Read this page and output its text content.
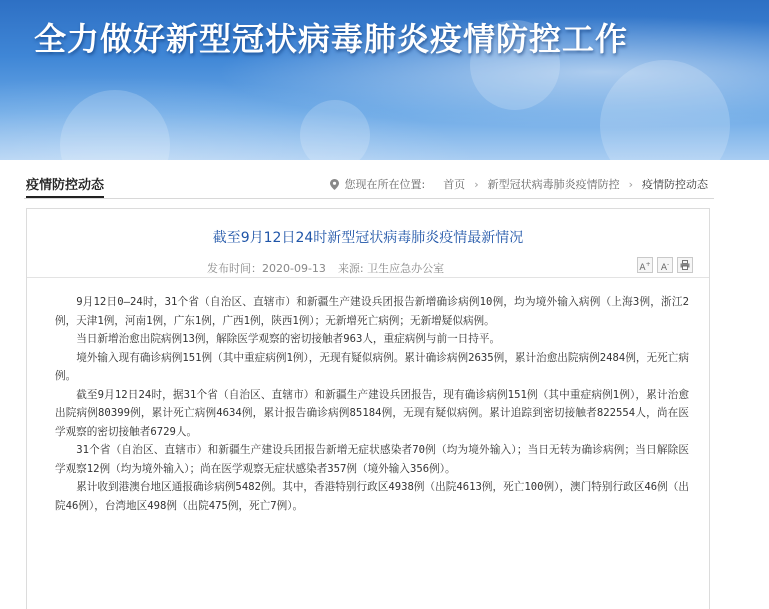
全力做好新型冠状病毒肺炎疫情防控工作
疫情防控动态	您现在所在位置: 首页 › 新型冠状病毒肺炎疫情防控 › 疫情防控动态
截至9月12日24时新型冠状病毒肺炎疫情最新情况
发布时间：2020-09-13 来源: 卫生应急办公室	A+	A-

9月12日0—24时，31个省（自治区、直辖市）和新疆生产建设兵团报告新增确诊病例10例，均为境外输入病例（上海3例，浙江2例，天津1例，河南1例，广东1例，广西1例，陕西1例）；无新增死亡病例；无新增疑似病例。

当日新增治愈出院病例13例，解除医学观察的密切接触者963人，重症病例与前一日持平。

境外输入现有确诊病例151例（其中重症病例1例），无现有疑似病例。累计确诊病例2635例，累计治愈出院病例2484例，无死亡病例。

截至9月12日24时，据31个省（自治区、直辖市）和新疆生产建设兵团报告，现有确诊病例151例（其中重症病例1例），累计治愈出院病例80399例，累计死亡病例4634例，累计报告确诊病例85184例，无现有疑似病例。累计追踪到密切接触者822554人，尚在医学观察的密切接触者6729人。

31个省（自治区、直辖市）和新疆生产建设兵团报告新增无症状感染者70例（均为境外输入）；当日无转为确诊病例；当日解除医学观察12例（均为境外输入）；尚在医学观察无症状感染者357例（境外输入356例）。

累计收到港澳台地区通报确诊病例5482例。其中，香港特别行政区4938例（出院4613例，死亡100例），澳门特别行政区46例（出院46例），台湾地区498例（出院475例，死亡7例）。
